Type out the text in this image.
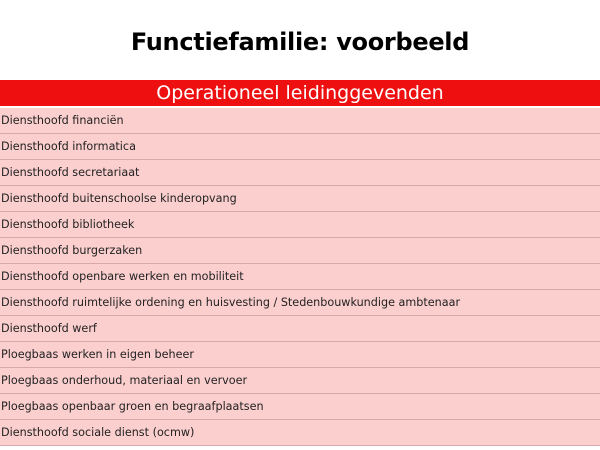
Functiefamilie: voorbeeld
Operationeel leidinggevenden
Diensthoofd financiën
Diensthoofd informatica
Diensthoofd secretariaat
Diensthoofd buitenschoolse kinderopvang
Diensthoofd bibliotheek
Diensthoofd burgerzaken
Diensthoofd openbare werken en mobiliteit
Diensthoofd ruimtelijke ordening en huisvesting / Stedenbouwkundige ambtenaar
Diensthoofd werf
Ploegbaas werken in eigen beheer
Ploegbaas onderhoud, materiaal en vervoer
Ploegbaas openbaar groen en begraafplaatsen
Diensthoofd sociale dienst (ocmw)
